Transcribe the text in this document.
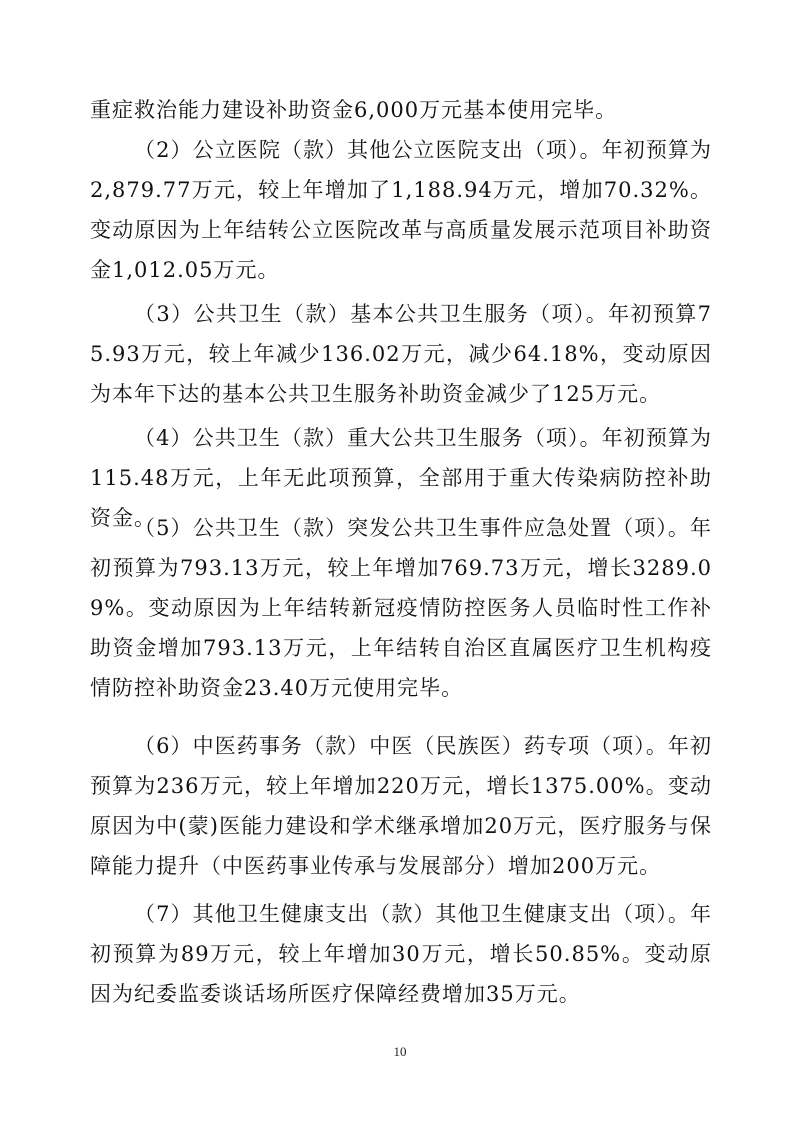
重症救治能力建设补助资金6,000万元基本使用完毕。

（2）公立医院（款）其他公立医院支出（项）。年初预算为2,879.77万元，较上年增加了1,188.94万元，增加70.32%。变动原因为上年结转公立医院改革与高质量发展示范项目补助资金1,012.05万元。

（3）公共卫生（款）基本公共卫生服务（项）。年初预算75.93万元，较上年减少136.02万元，减少64.18%，变动原因为本年下达的基本公共卫生服务补助资金减少了125万元。

（4）公共卫生（款）重大公共卫生服务（项）。年初预算为115.48万元，上年无此项预算，全部用于重大传染病防控补助资金。

（5）公共卫生（款）突发公共卫生事件应急处置（项）。年初预算为793.13万元，较上年增加769.73万元，增长3289.09%。变动原因为上年结转新冠疫情防控医务人员临时性工作补助资金增加793.13万元，上年结转自治区直属医疗卫生机构疫情防控补助资金23.40万元使用完毕。

（6）中医药事务（款）中医（民族医）药专项（项）。年初预算为236万元，较上年增加220万元，增长1375.00%。变动原因为中(蒙)医能力建设和学术继承增加20万元，医疗服务与保障能力提升（中医药事业传承与发展部分）增加200万元。

（7）其他卫生健康支出（款）其他卫生健康支出（项）。年初预算为89万元，较上年增加30万元，增长50.85%。变动原因为纪委监委谈话场所医疗保障经费增加35万元。

10
